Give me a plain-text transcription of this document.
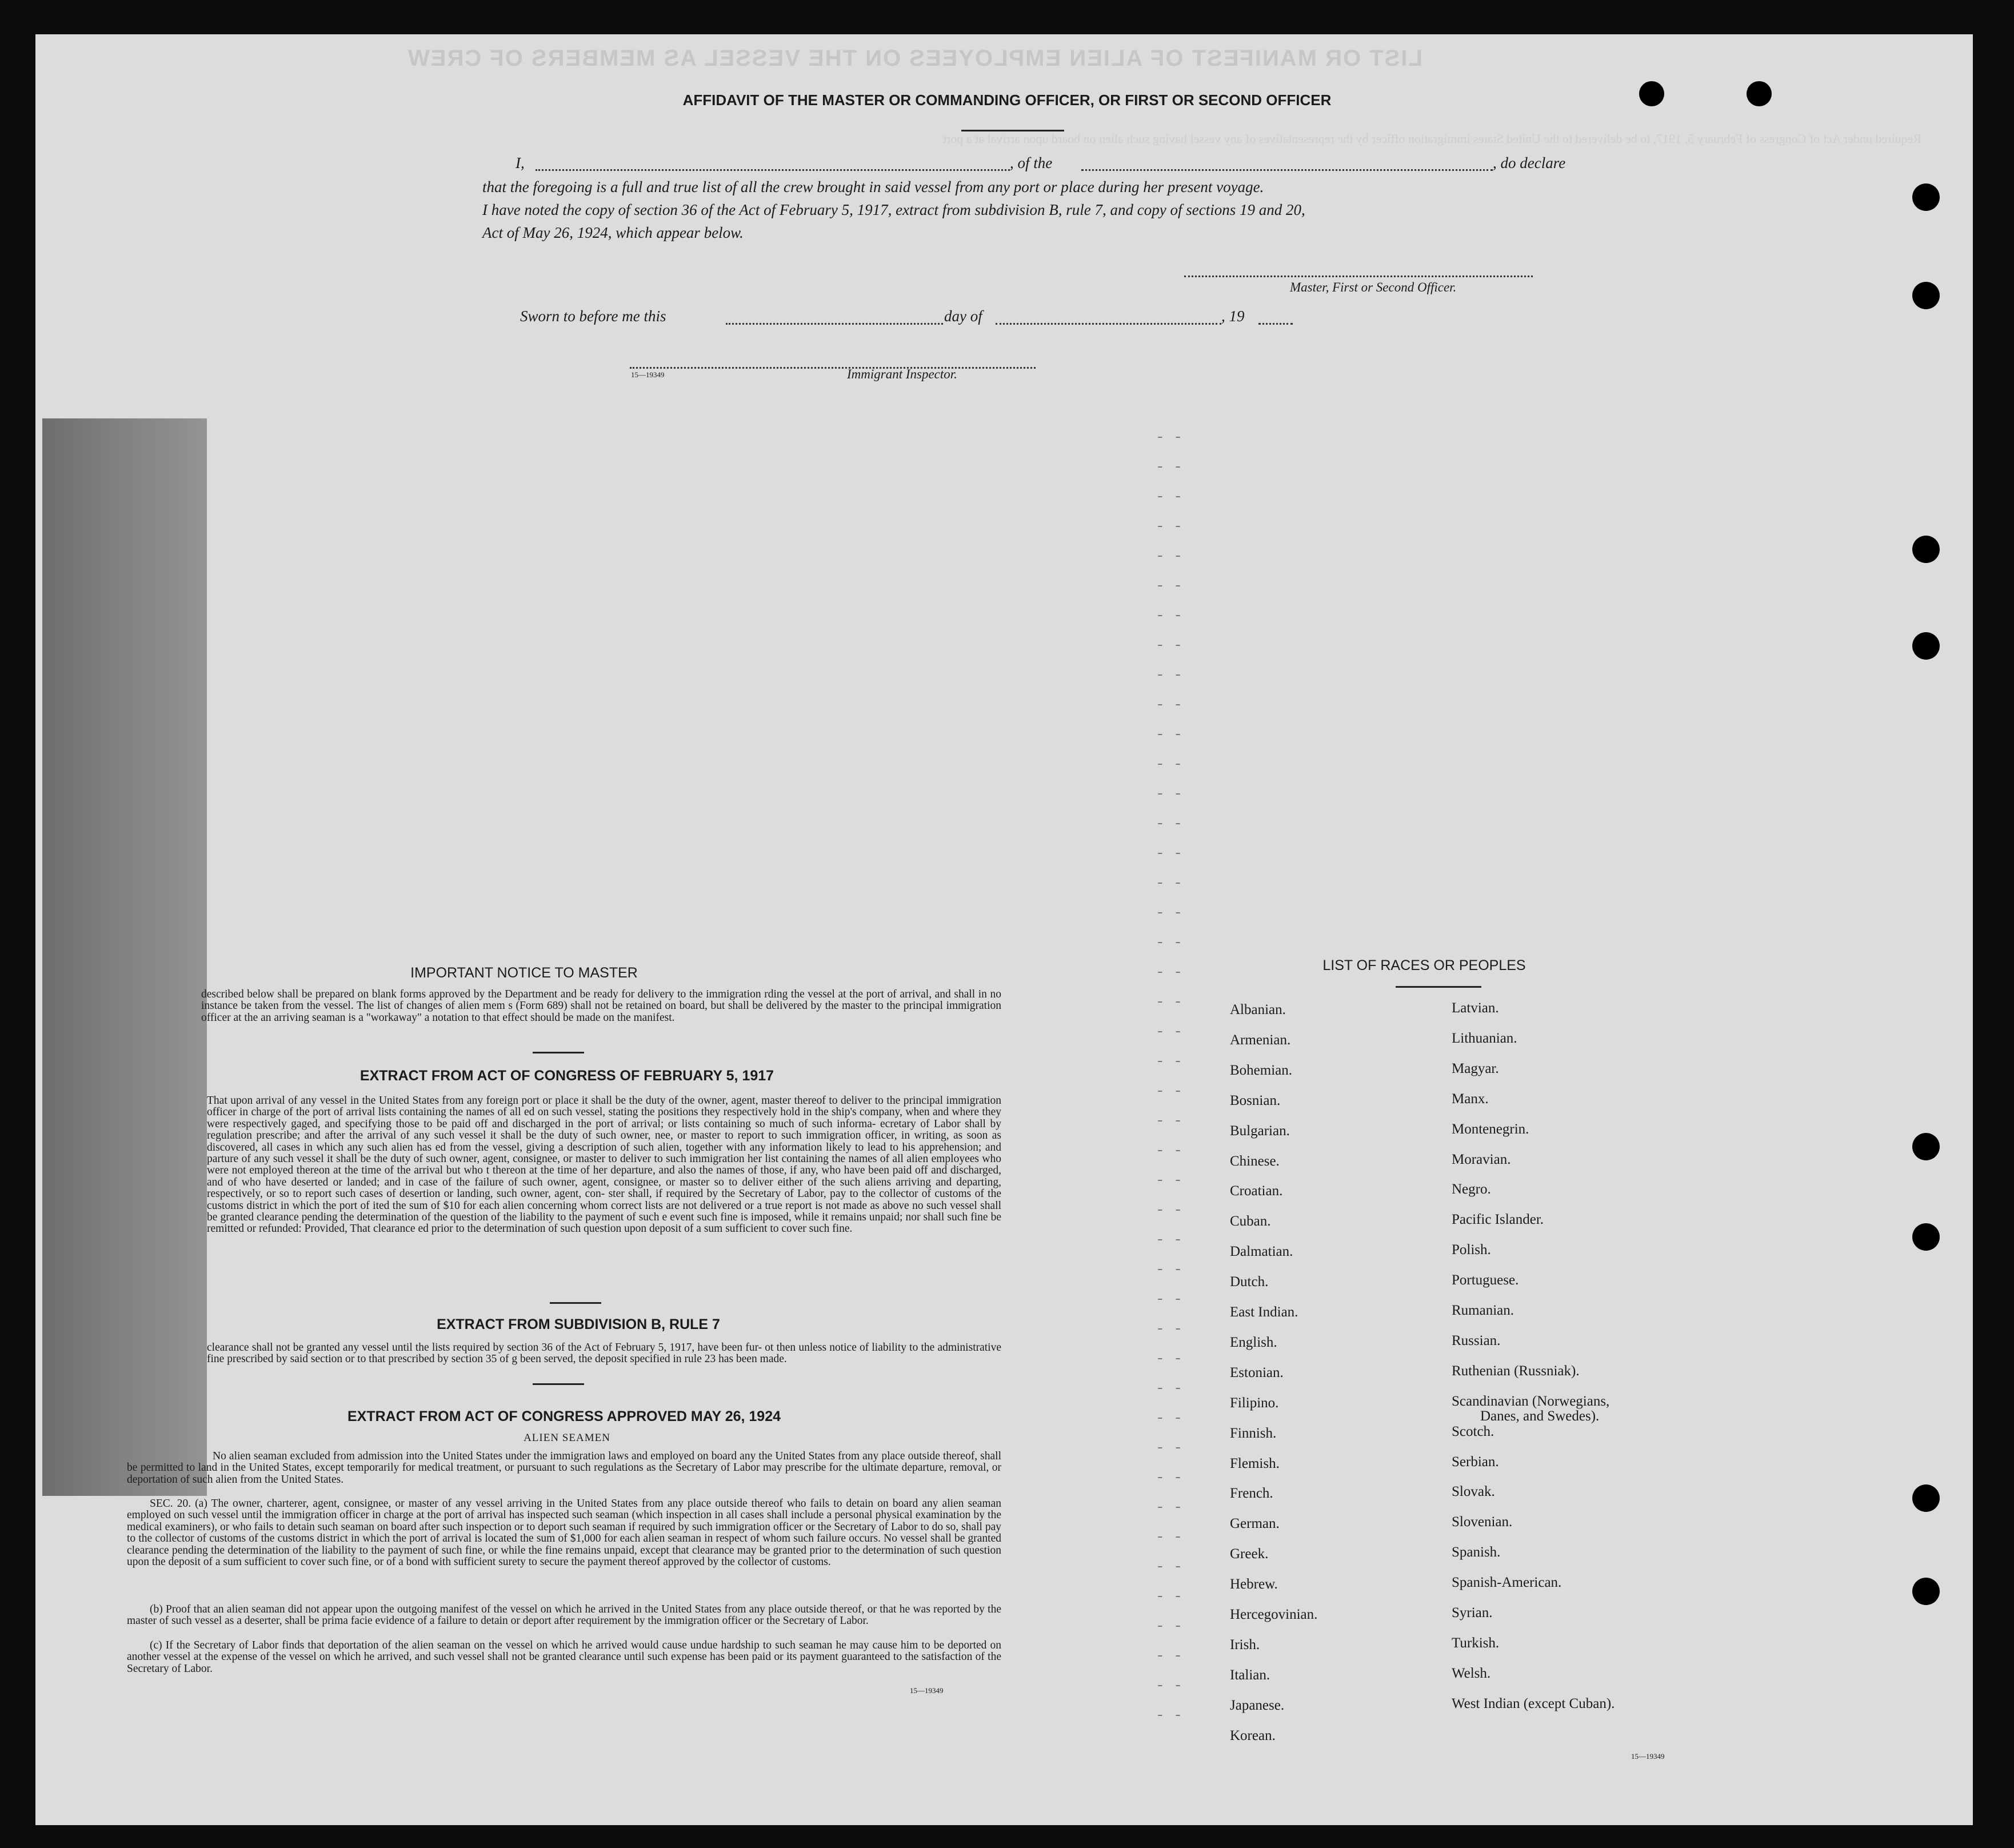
LIST OR MANIFEST OF ALIEN EMPLOYEES ON THE VESSEL AS MEMBERS OF CREW
Required under Act of Congress of February 5, 1917, to be delivered to the United States immigration officer by the representatives of any vessel having such alien on board upon arrival at a port
- -
- -
- -
- -
- -
- -
- -
- -
- -
- -
- -
- -
- -
- -
- -
- -
- -
- -
- -
- -
- -
- -
- -
- -
- -
- -
- -
- -
- -
- -
- -
- -
- -
- -
- -
- -
- -
- -
- -
- -
- -
- -
- -
- -
AFFIDAVIT OF THE MASTER OR COMMANDING OFFICER, OR FIRST OR SECOND OFFICER
I,	, of the	, do declare
that the foregoing is a full and true list of all the crew brought in said vessel from any port or place during her present voyage.
I have noted the copy of section 36 of the Act of February 5, 1917, extract from subdivision B, rule 7, and copy of sections 19 and 20,
Act of May 26, 1924, which appear below.
Master, First or Second Officer.
Sworn to before me this	day of	, 19
15—19349	Immigrant Inspector.
IMPORTANT NOTICE TO MASTER
described below shall be prepared on blank forms approved by the Department and be ready for delivery to the immigration rding the vessel at the port of arrival, and shall in no instance be taken from the vessel. The list of changes of alien mem s (Form 689) shall not be retained on board, but shall be delivered by the master to the principal immigration officer at the an arriving seaman is a "workaway" a notation to that effect should be made on the manifest.
EXTRACT FROM ACT OF CONGRESS OF FEBRUARY 5, 1917
That upon arrival of any vessel in the United States from any foreign port or place it shall be the duty of the owner, agent, master thereof to deliver to the principal immigration officer in charge of the port of arrival lists containing the names of all ed on such vessel, stating the positions they respectively hold in the ship's company, when and where they were respectively gaged, and specifying those to be paid off and discharged in the port of arrival; or lists containing so much of such informa- ecretary of Labor shall by regulation prescribe; and after the arrival of any such vessel it shall be the duty of such owner, nee, or master to report to such immigration officer, in writing, as soon as discovered, all cases in which any such alien has ed from the vessel, giving a description of such alien, together with any information likely to lead to his apprehension; and parture of any such vessel it shall be the duty of such owner, agent, consignee, or master to deliver to such immigration her list containing the names of all alien employees who were not employed thereon at the time of the arrival but who t thereon at the time of her departure, and also the names of those, if any, who have been paid off and discharged, and of who have deserted or landed; and in case of the failure of such owner, agent, consignee, or master so to deliver either of the such aliens arriving and departing, respectively, or so to report such cases of desertion or landing, such owner, agent, con- ster shall, if required by the Secretary of Labor, pay to the collector of customs of the customs district in which the port of ited the sum of $10 for each alien concerning whom correct lists are not delivered or a true report is not made as above no such vessel shall be granted clearance pending the determination of the question of the liability to the payment of such e event such fine is imposed, while it remains unpaid; nor shall such fine be remitted or refunded: Provided, That clearance ed prior to the determination of such question upon deposit of a sum sufficient to cover such fine.
EXTRACT FROM SUBDIVISION B, RULE 7
clearance shall not be granted any vessel until the lists required by section 36 of the Act of February 5, 1917, have been fur- ot then unless notice of liability to the administrative fine prescribed by said section or to that prescribed by section 35 of g been served, the deposit specified in rule 23 has been made.
EXTRACT FROM ACT OF CONGRESS APPROVED MAY 26, 1924
ALIEN SEAMEN
No alien seaman excluded from admission into the United States under the immigration laws and employed on board any the United States from any place outside thereof, shall be permitted to land in the United States, except temporarily for medical treatment, or pursuant to such regulations as the Secretary of Labor may prescribe for the ultimate departure, removal, or deportation of such alien from the United States.
SEC. 20. (a) The owner, charterer, agent, consignee, or master of any vessel arriving in the United States from any place outside thereof who fails to detain on board any alien seaman employed on such vessel until the immigration officer in charge at the port of arrival has inspected such seaman (which inspection in all cases shall include a personal physical examination by the medical examiners), or who fails to detain such seaman on board after such inspection or to deport such seaman if required by such immigration officer or the Secretary of Labor to do so, shall pay to the collector of customs of the customs district in which the port of arrival is located the sum of $1,000 for each alien seaman in respect of whom such failure occurs. No vessel shall be granted clearance pending the determination of the liability to the payment of such fine, or while the fine remains unpaid, except that clearance may be granted prior to the determination of such question upon the deposit of a sum sufficient to cover such fine, or of a bond with sufficient surety to secure the payment thereof approved by the collector of customs.
(b) Proof that an alien seaman did not appear upon the outgoing manifest of the vessel on which he arrived in the United States from any place outside thereof, or that he was reported by the master of such vessel as a deserter, shall be prima facie evidence of a failure to detain or deport after requirement by the immigration officer or the Secretary of Labor.
(c) If the Secretary of Labor finds that deportation of the alien seaman on the vessel on which he arrived would cause undue hardship to such seaman he may cause him to be deported on another vessel at the expense of the vessel on which he arrived, and such vessel shall not be granted clearance until such expense has been paid or its payment guaranteed to the satisfaction of the Secretary of Labor.
15—19349
LIST OF RACES OR PEOPLES
Albanian.
Armenian.
Bohemian.
Bosnian.
Bulgarian.
Chinese.
Croatian.
Cuban.
Dalmatian.
Dutch.
East Indian.
English.
Estonian.
Filipino.
Finnish.
Flemish.
French.
German.
Greek.
Hebrew.
Hercegovinian.
Irish.
Italian.
Japanese.
Korean.
Latvian.
Lithuanian.
Magyar.
Manx.
Montenegrin.
Moravian.
Negro.
Pacific Islander.
Polish.
Portuguese.
Rumanian.
Russian.
Ruthenian (Russniak).
Scandinavian (Norwegians,
Danes, and Swedes).
Scotch.
Serbian.
Slovak.
Slovenian.
Spanish.
Spanish-American.
Syrian.
Turkish.
Welsh.
West Indian (except Cuban).
15—19349
